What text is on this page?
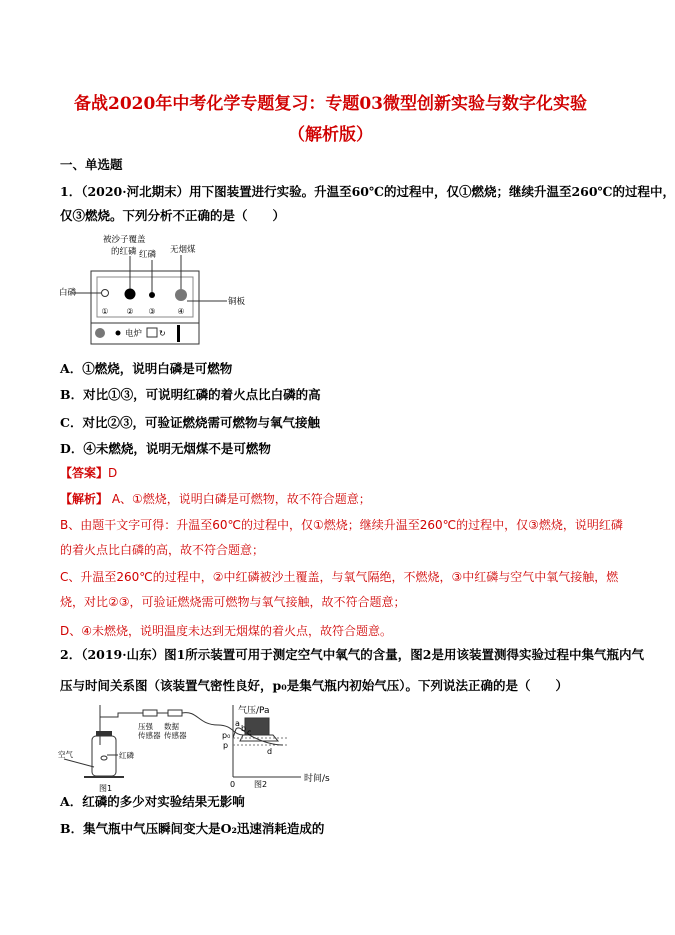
备战2020年中考化学专题复习：专题03微型创新实验与数字化实验
（解析版）
一、单选题
1．（2020·河北期末）用下图装置进行实验。升温至60℃的过程中，仅①燃烧；继续升温至260℃的过程中，
仅③燃烧。下列分析不正确的是（　　）
被沙子覆盖
的红磷 红磷 无烟煤
白磷
铜板
① ② ③	④
电炉 ↻
A．①燃烧，说明白磷是可燃物
B．对比①③，可说明红磷的着火点比白磷的高
C．对比②③，可验证燃烧需可燃物与氧气接触
D．④未燃烧，说明无烟煤不是可燃物
【答案】D
【解析】 A、①燃烧，说明白磷是可燃物，故不符合题意；
B、由题干文字可得：升温至60℃的过程中，仅①燃烧；继续升温至260℃的过程中，仅③燃烧，说明红磷
的着火点比白磷的高，故不符合题意；
C、升温至260℃的过程中，②中红磷被沙土覆盖，与氧气隔绝，不燃烧，③中红磷与空气中氧气接触，燃
烧，对比②③，可验证燃烧需可燃物与氧气接触，故不符合题意；
D、④未燃烧，说明温度未达到无烟煤的着火点，故符合题意。
2．（2019·山东）图1所示装置可用于测定空气中氧气的含量，图2是用该装置测得实验过程中集气瓶内气
压与时间关系图（该装置气密性良好，p₀是集气瓶内初始气压）。下列说法正确的是（　　）
压强
传感器
数据
传感器
空气	红磷
图1
气压/Pa
时间/s
p₀
p
0
a
b c
d
图2
A．红磷的多少对实验结果无影响
B．集气瓶中气压瞬间变大是O₂迅速消耗造成的
